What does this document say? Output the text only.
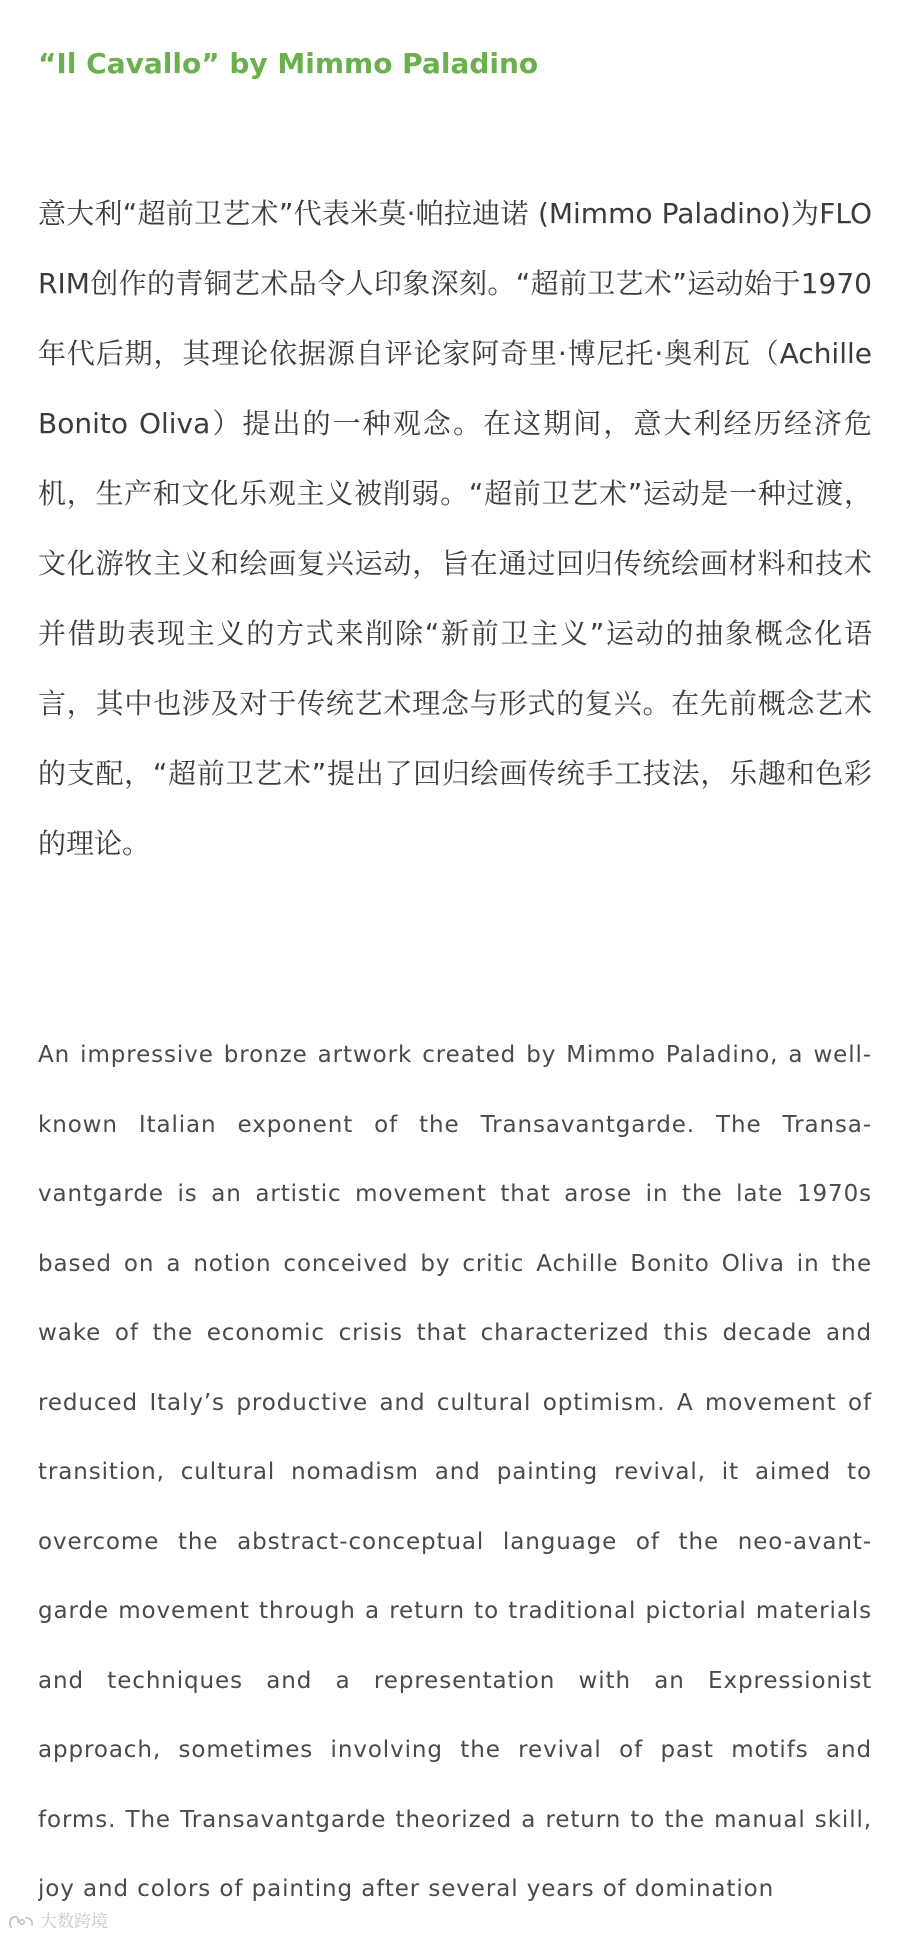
“Il Cavallo” by Mimmo Paladino

意大利“超前卫艺术”代表米莫·帕拉迪诺 (Mimmo Paladino)为FLORIM创作的青铜艺术品令人印象深刻。“超前卫艺术”运动始于1970年代后期，其理论依据源自评论家阿奇里·博尼托·奥利瓦（Achille Bonito Oliva）提出的一种观念。在这期间，意大利经历经济危机，生产和文化乐观主义被削弱。“超前卫艺术”运动是一种过渡，文化游牧主义和绘画复兴运动，旨在通过回归传统绘画材料和技术并借助表现主义的方式来削除“新前卫主义”运动的抽象概念化语言，其中也涉及对于传统艺术理念与形式的复兴。在先前概念艺术的支配，“超前卫艺术”提出了回归绘画传统手工技法，乐趣和色彩的理论。

An impressive bronze artwork created by Mimmo Paladino, a well-known Italian exponent of the Transavantgarde. The Transa-vantgarde is an artistic movement that arose in the late 1970s based on a notion conceived by critic Achille Bonito Oliva in the wake of the economic crisis that characterized this decade and reduced Italy’s productive and cultural optimism. A movement of transition, cultural nomadism and painting revival, it aimed to overcome the abstract-conceptual language of the neo-avant-garde movement through a return to traditional pictorial materials and techniques and a representation with an Expressionist approach, sometimes involving the revival of past motifs and forms. The Transavantgarde theorized a return to the manual skill, joy and colors of painting after several years of domination

大数跨境
